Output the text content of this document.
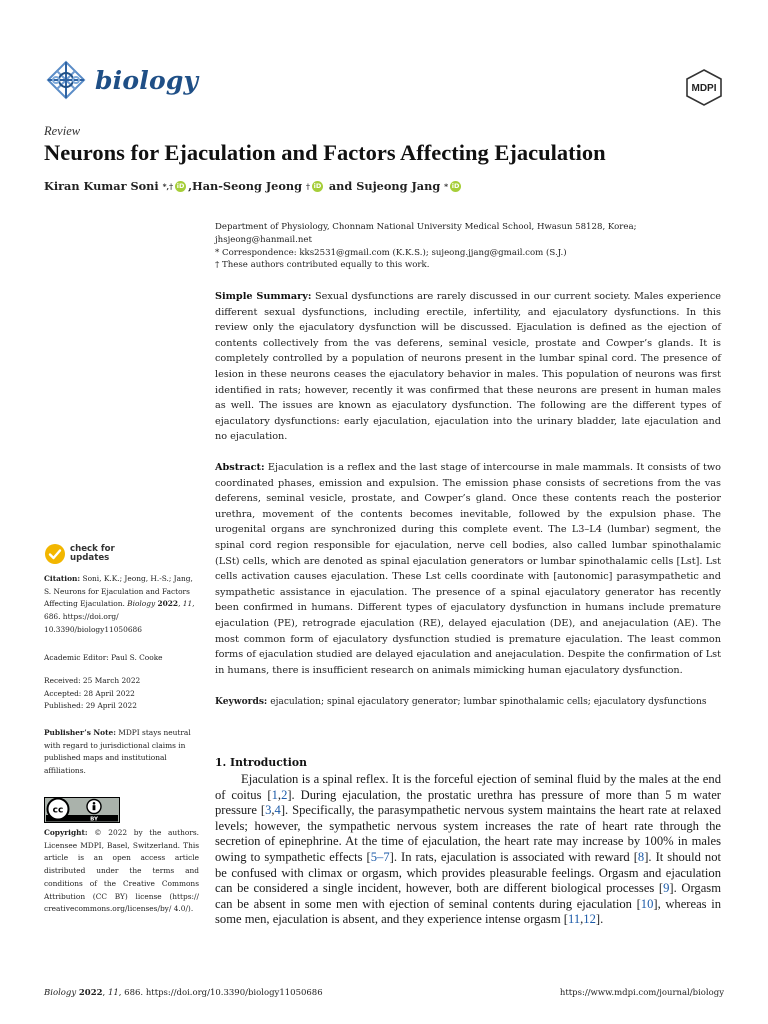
biology	MDPI
Review
Neurons for Ejaculation and Factors Affecting Ejaculation
Kiran Kumar Soni
*,† iD , Han-Seong Jeong
† iD and Sujeong Jang
* iD

Department of Physiology, Chonnam National University Medical School, Hwasun 58128, Korea;

jhsjeong@hanmail.net

* Correspondence: kks2531@gmail.com (K.K.S.); sujeong.jjang@gmail.com (S.J.)

† These authors contributed equally to this work.

Simple Summary: Sexual dysfunctions are rarely discussed in our current society. Males experience different sexual dysfunctions, including erectile, infertility, and ejaculatory dysfunctions. In this review only the ejaculatory dysfunction will be discussed. Ejaculation is defined as the ejection of contents collectively from the vas deferens, seminal vesicle, prostate and Cowper’s glands. It is completely controlled by a population of neurons present in the lumbar spinal cord. The presence of lesion in these neurons ceases the ejaculatory behavior in males. This population of neurons was first identified in rats; however, recently it was confirmed that these neurons are present in human males as well. The issues are known as ejaculatory dysfunction. The following are the different types of ejaculatory dysfunctions: early ejaculation, ejaculation into the urinary bladder, late ejaculation and no ejaculation.
Abstract: Ejaculation is a reflex and the last stage of intercourse in male mammals. It consists of two coordinated phases, emission and expulsion. The emission phase consists of secretions from the vas deferens, seminal vesicle, prostate, and Cowper’s gland. Once these contents reach the posterior urethra, movement of the contents becomes inevitable, followed by the expulsion phase. The urogenital organs are synchronized during this complete event. The L3–L4 (lumbar) segment, the spinal cord region responsible for ejaculation, nerve cell bodies, also called lumbar spinothalamic (LSt) cells, which are denoted as spinal ejaculation generators or lumbar spinothalamic cells [Lst]. Lst cells activation causes ejaculation. These Lst cells coordinate with [autonomic] parasympathetic and sympathetic assistance in ejaculation. The presence of a spinal ejaculatory generator has recently been confirmed in humans. Different types of ejaculatory dysfunction in humans include premature ejaculation (PE), retrograde ejaculation (RE), delayed ejaculation (DE), and anejaculation (AE). The most common form of ejaculatory dysfunction studied is premature ejaculation. The least common forms of ejaculation studied are delayed ejaculation and anejaculation. Despite the confirmation of Lst in humans, there is insufficient research on animals mimicking human ejaculatory dysfunction.
Keywords: ejaculation; spinal ejaculatory generator; lumbar spinothalamic cells; ejaculatory dysfunctions
1. Introduction
Ejaculation is a spinal reflex. It is the forceful ejection of seminal fluid by the males at the end of coitus [1,2]. During ejaculation, the prostatic urethra has pressure of more than 5 m water pressure [3,4]. Specifically, the parasympathetic nervous system maintains the heart rate at relaxed levels; however, the sympathetic nervous system increases the rate of heart rate through the secretion of epinephrine. At the time of ejaculation, the heart rate may increase by 100% in males owing to sympathetic effects [5–7]. In rats, ejaculation is associated with reward [8]. It should not be confused with climax or orgasm, which provides pleasurable feelings. Orgasm and ejaculation can be considered a single incident, however, both are different biological processes [9]. Orgasm can be absent in some men with ejection of seminal contents during ejaculation [10], whereas in some men, ejaculation is absent, and they experience intense orgasm [11,12].
check for
updates
Citation: Soni, K.K.; Jeong, H.-S.; Jang, S. Neurons for Ejaculation and Factors Affecting Ejaculation. Biology 2022, 11, 686. https://doi.org/ 10.3390/biology11050686
Academic Editor: Paul S. Cooke
Received: 25 March 2022
Accepted: 28 April 2022
Published: 29 April 2022
Publisher’s Note: MDPI stays neutral with regard to jurisdictional claims in published maps and institutional affiliations.
cc
BY
Copyright: © 2022 by the authors. Licensee MDPI, Basel, Switzerland. This article is an open access article distributed under the terms and conditions of the Creative Commons Attribution (CC BY) license (https:// creativecommons.org/licenses/by/ 4.0/).
Biology 2022, 11, 686. https://doi.org/10.3390/biology11050686	https://www.mdpi.com/journal/biology
